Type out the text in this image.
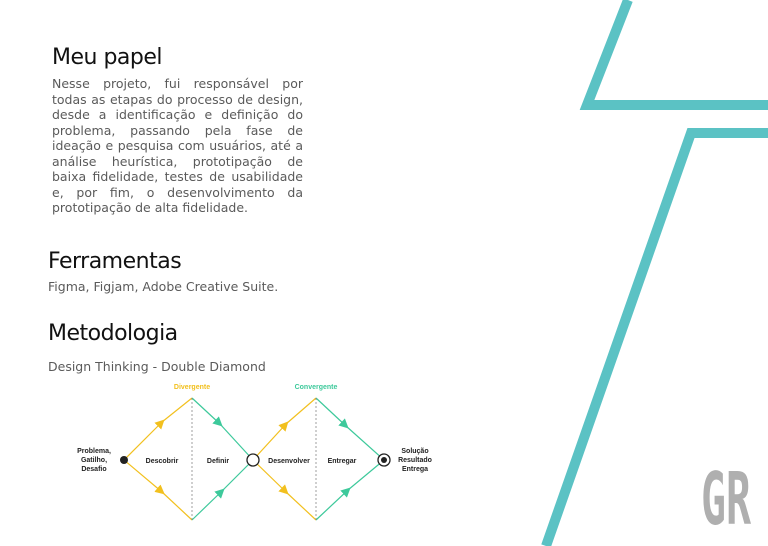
Meu papel

Nesse projeto, fui responsável por todas as etapas do processo de design, desde a identificação e definição do problema, passando pela fase de ideação e pesquisa com usuários, até a análise heurística, prototipação de baixa fidelidade, testes de usabilidade e, por fim, o desenvolvimento da prototipação de alta fidelidade.

Ferramentas

Figma, Figjam, Adobe Creative Suite.

Metodologia

Design Thinking - Double Diamond

Divergente	Convergente
Problema,
Gatilho,
Desafio
Descobrir	Definir	Desenvolver	Entregar
Solução
Resultado
Entrega	GR
